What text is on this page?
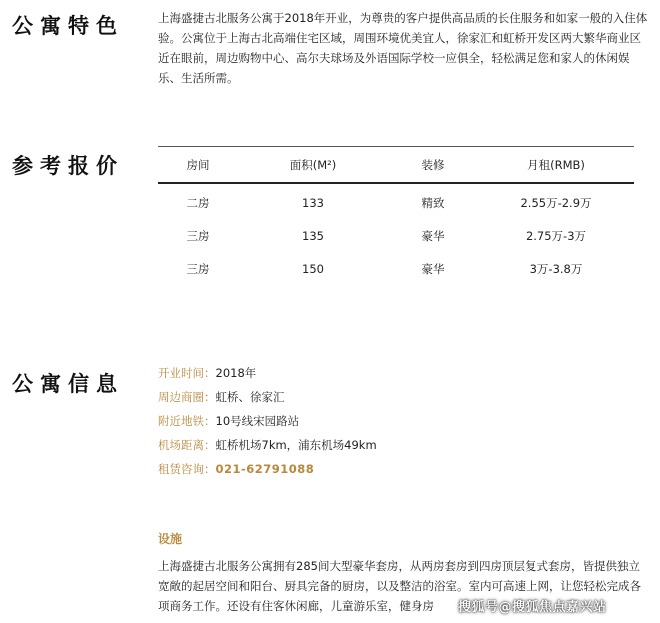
公寓特色	上海盛捷古北服务公寓于2018年开业，为尊贵的客户提供高品质的长住服务和如家一般的入住体验。公寓位于上海古北高端住宅区域，周围环境优美宜人，徐家汇和虹桥开发区两大繁华商业区近在眼前，周边购物中心、高尔夫球场及外语国际学校一应俱全，轻松满足您和家人的休闲娱乐、生活所需。

参考报价	房间	面积(M²)	装修	月租(RMB)
二房	133	精致	2.55万-2.9万
三房	135	豪华	2.75万-3万
三房	150	豪华	3万-3.8万
公寓信息	开业时间：2018年
周边商圈：虹桥、徐家汇
附近地铁：10号线宋园路站
机场距离：虹桥机场7km，浦东机场49km
租赁咨询：021-62791088
设施

上海盛捷古北服务公寓拥有285间大型豪华套房，从两房套房到四房顶层复式套房，皆提供独立宽敞的起居空间和阳台、厨具完备的厨房，以及整洁的浴室。室内可高速上网，让您轻松完成各项商务工作。还设有住客休闲廊，儿童游乐室，健身房	搜狐号@搜狐焦点嘉兴站
